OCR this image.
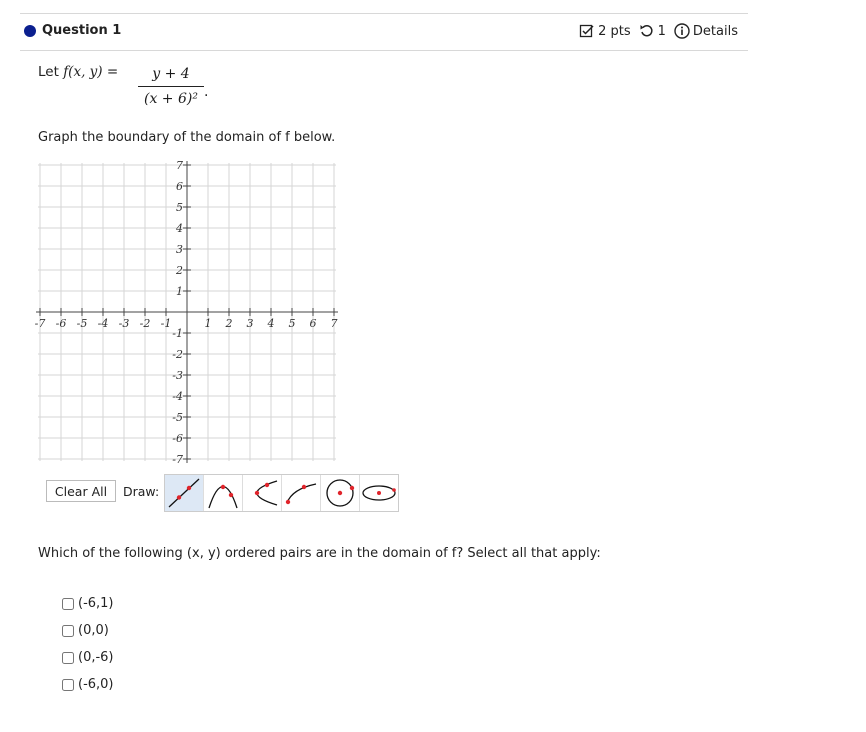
Question 1	2 pts 1 Details
Let f(x, y) =	y + 4
(x + 6)² .
Graph the boundary of the domain of f below.
-7 -6 -5 -4 -3 -2 -1	1 2 3 4 5 6 7
7
6
5
4
3
2
1
-1
-2
-3
-4
-5
-6
-7
Clear All	Draw:
Which of the following (x, y) ordered pairs are in the domain of f? Select all that apply:
(-6,1)
(0,0)
(0,-6)
(-6,0)
